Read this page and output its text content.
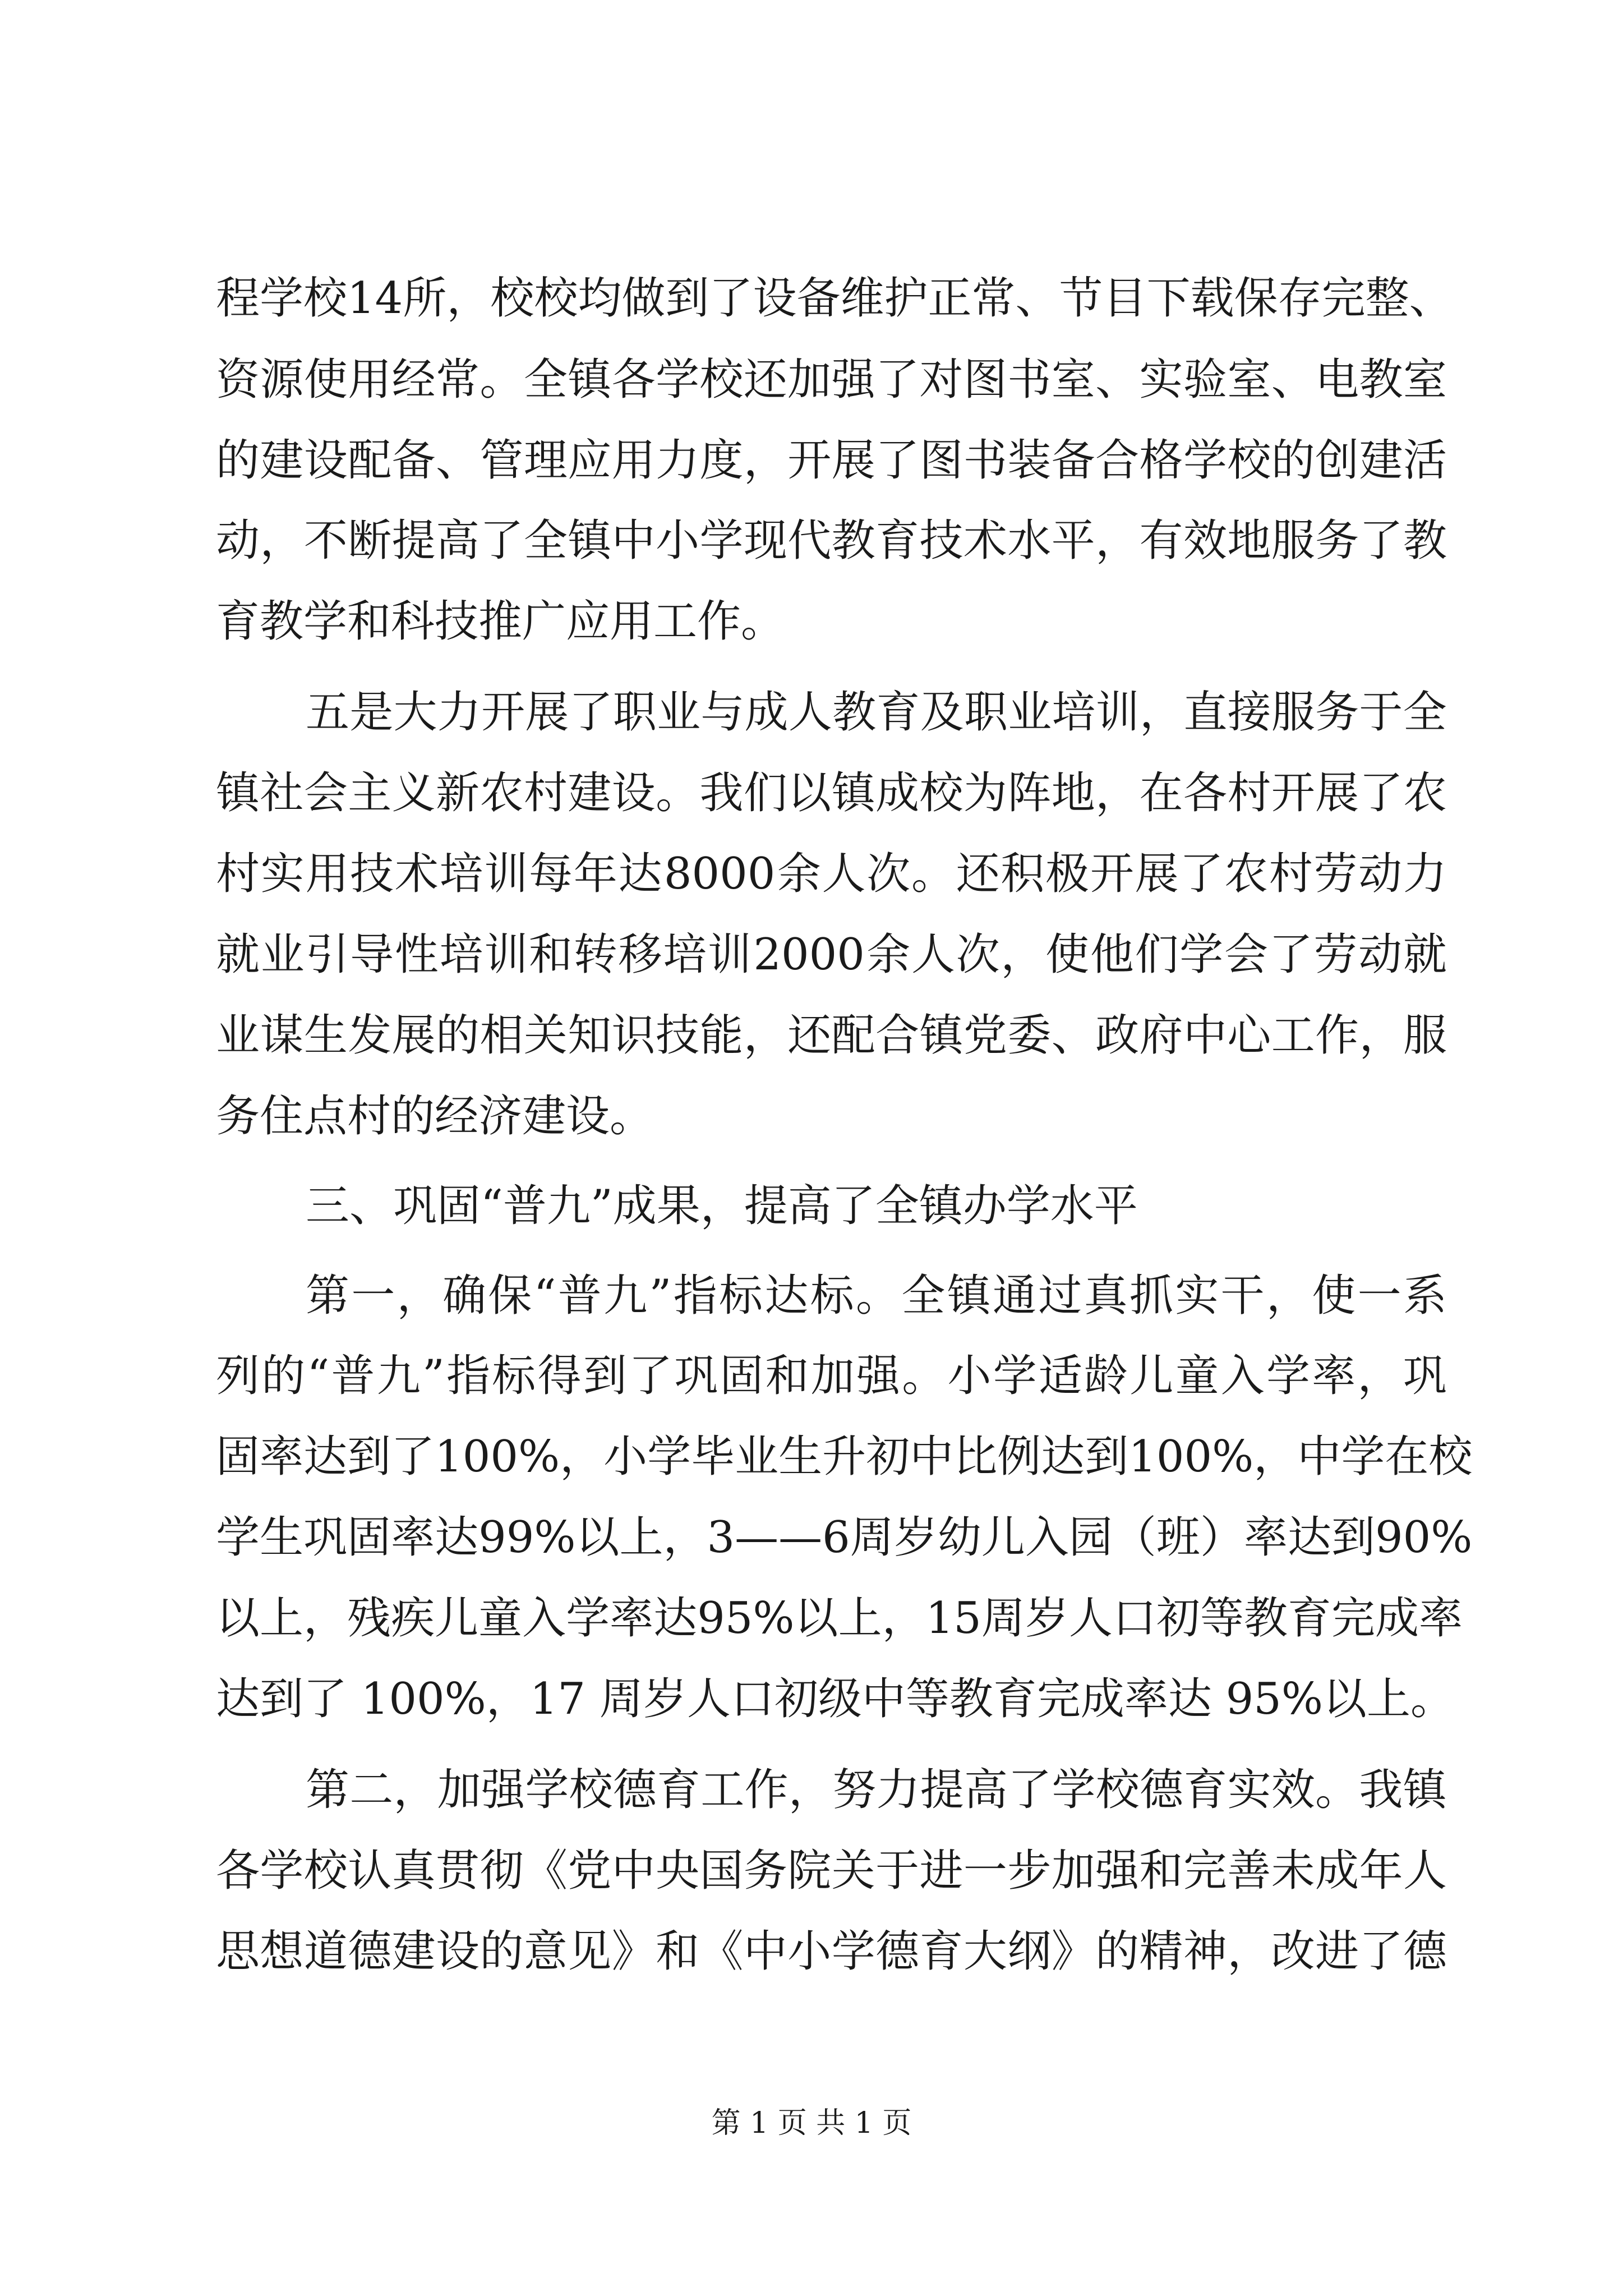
程 学 校 14 所 ， 校 校 均 做 到 了 设 备 维 护 正 常 、 节 目 下 载 保 存 完 整 、
资 源 使 用 经 常 。 全 镇 各 学 校 还 加 强 了 对 图 书 室 、 实 验 室 、 电 教 室
的 建 设 配 备 、 管 理 应 用 力 度 ， 开 展 了 图 书 装 备 合 格 学 校 的 创 建 活
动 ， 不 断 提 高 了 全 镇 中 小 学 现 代 教 育 技 术 水 平 ， 有 效 地 服 务 了 教
育教学和科技推广应用工作。
五 是 大 力 开 展 了 职 业 与 成 人 教 育 及 职 业 培 训 ， 直 接 服 务 于 全
镇 社 会 主 义 新 农 村 建 设 。 我 们 以 镇 成 校 为 阵 地 ， 在 各 村 开 展 了 农
村 实 用 技 术 培 训 每 年 达 8000 余 人 次 。 还 积 极 开 展 了 农 村 劳 动 力
就 业 引 导 性 培 训 和 转 移 培 训 2000 余 人 次 ， 使 他 们 学 会 了 劳 动 就
业 谋 生 发 展 的 相 关 知 识 技 能 ， 还 配 合 镇 党 委 、 政 府 中 心 工 作 ， 服
务住点村的经济建设。
三、巩固“普九”成果，提高了全镇办学水平
第 一 ， 确 保 “ 普 九 ” 指 标 达 标 。 全 镇 通 过 真 抓 实 干 ， 使 一 系
列 的 “ 普 九 ” 指 标 得 到 了 巩 固 和 加 强 。 小 学 适 龄 儿 童 入 学 率 ， 巩
固 率 达 到 了 100% ， 小 学 毕 业 生 升 初 中 比 例 达 到 100% ， 中 学 在 校
学 生 巩 固 率 达 99% 以 上 ， 3 — — 6 周 岁 幼 儿 入 园 （ 班 ） 率 达 到 90%
以 上 ， 残 疾 儿 童 入 学 率 达 95% 以 上 ， 15 周 岁 人 口 初 等 教 育 完 成 率
达到了 100%，17 周岁人口初级中等教育完成率达 95%以上。
第 二 ， 加 强 学 校 德 育 工 作 ， 努 力 提 高 了 学 校 德 育 实 效 。 我 镇
各 学 校 认 真 贯 彻 《 党 中 央 国 务 院 关 于 进 一 步 加 强 和 完 善 未 成 年 人
思 想 道 德 建 设 的 意 见 》 和 《 中 小 学 德 育 大 纲 》 的 精 神 ， 改 进 了 德
第 1 页 共 1 页
